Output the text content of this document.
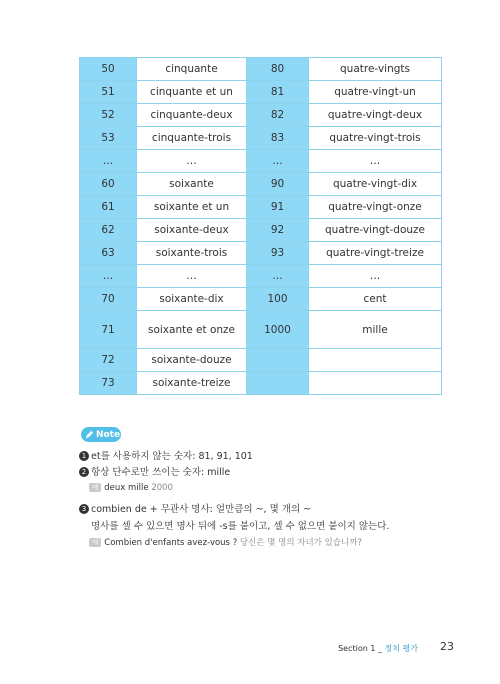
50	cinquante	80	quatre-vingts
51	cinquante et un	81	quatre-vingt-un
52	cinquante-deux	82	quatre-vingt-deux
53	cinquante-trois	83	quatre-vingt-trois
…	…	…	…
60	soixante	90	quatre-vingt-dix
61	soixante et un	91	quatre-vingt-onze
62	soixante-deux	92	quatre-vingt-douze
63	soixante-trois	93	quatre-vingt-treize
…	…	…	…
70	soixante-dix	100	cent
71	soixante et onze	1000	mille
72	soixante-douze		
73	soixante-treize		
Note
1 et를 사용하지 않는 숫자: 81, 91, 101
2 항상 단수로만 쓰이는 숫자: mille
예 deux mille 2000
3 combien de + 무관사 명사: 얼만큼의 ~, 몇 개의 ~
명사를 셀 수 있으면 명사 뒤에 -s를 붙이고, 셀 수 없으면 붙이지 않는다.
예 Combien d'enfants avez-vous ? 당신은 몇 명의 자녀가 있습니까?
Section 1 _ 정치 평가 23
